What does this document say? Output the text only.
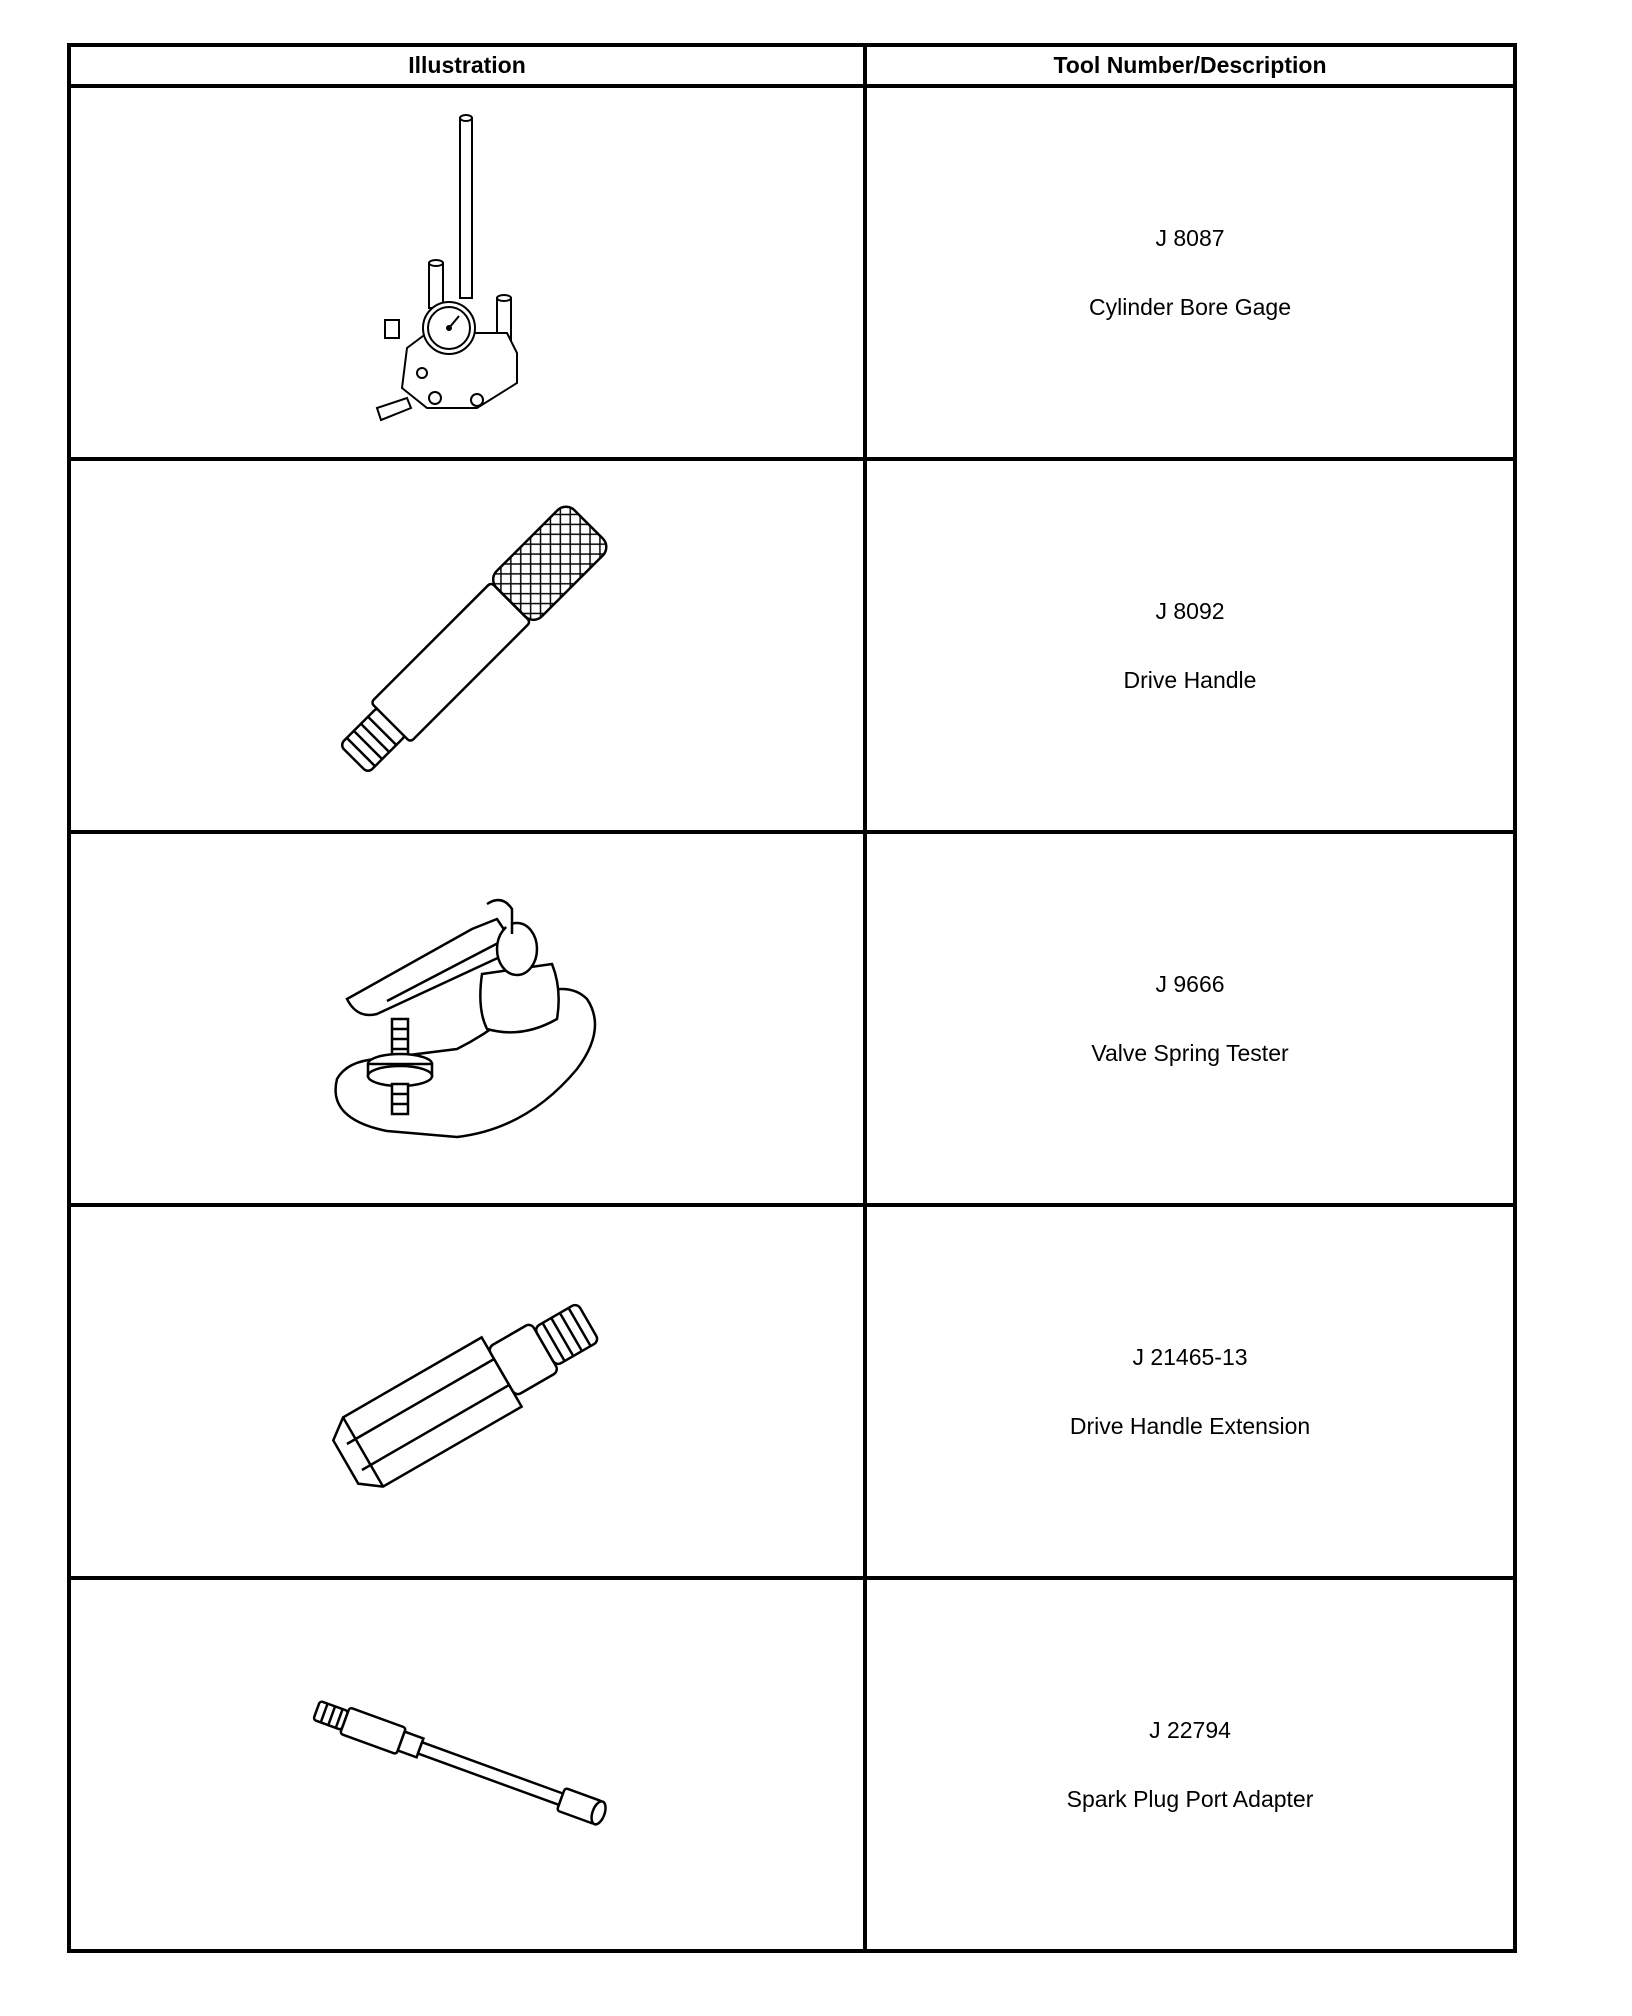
Illustration	Tool Number/Description

J 8087
Cylinder Bore Gage

J 8092
Drive Handle

J 9666
Valve Spring Tester

J 21465-13
Drive Handle Extension

J 22794
Spark Plug Port Adapter
